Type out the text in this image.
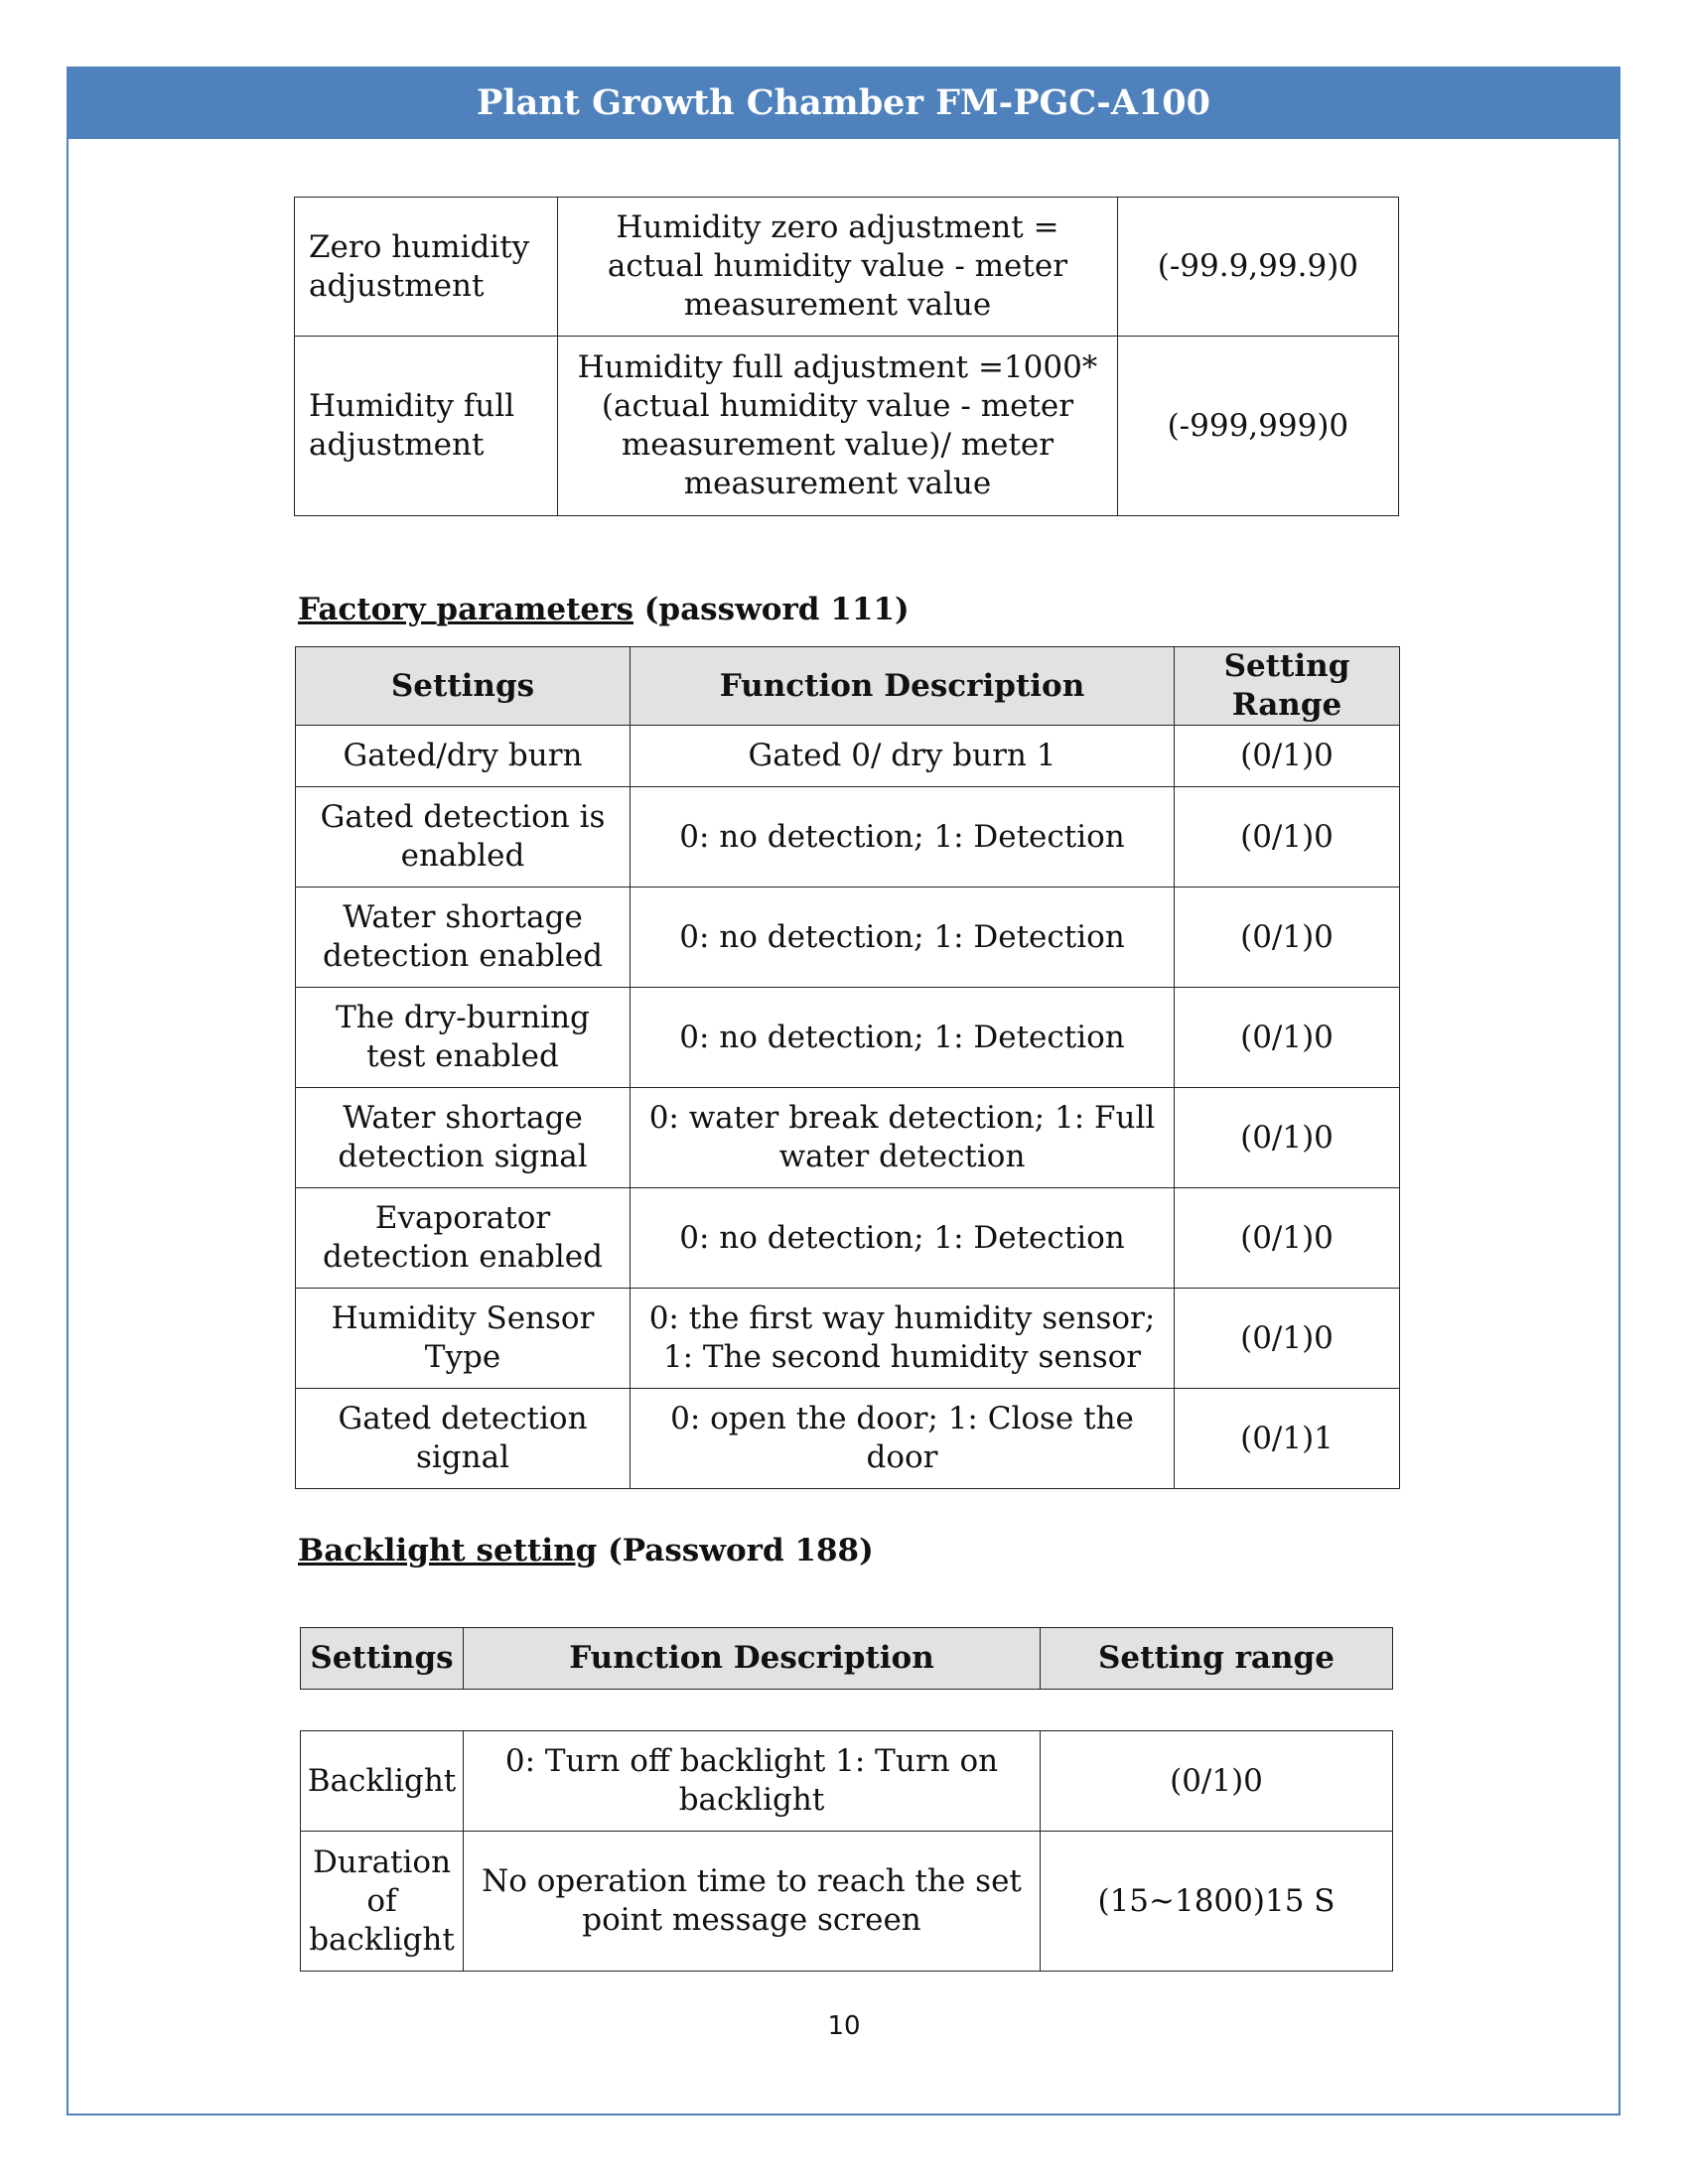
Plant Growth Chamber FM-PGC-A100
Zero humidity adjustment	Humidity zero adjustment = actual humidity value - meter measurement value	(-99.9,99.9)0
Humidity full adjustment	Humidity full adjustment =1000*(actual humidity value - meter measurement value)/ meter measurement value	(-999,999)0
Factory parameters (password 111)
Settings	Function Description	Setting Range
Gated/dry burn	Gated 0/ dry burn 1	(0/1)0
Gated detection is enabled	0: no detection; 1: Detection	(0/1)0
Water shortage detection enabled	0: no detection; 1: Detection	(0/1)0
The dry-burning test enabled	0: no detection; 1: Detection	(0/1)0
Water shortage detection signal	0: water break detection; 1: Full water detection	(0/1)0
Evaporator detection enabled	0: no detection; 1: Detection	(0/1)0
Humidity Sensor Type	0: the first way humidity sensor; 1: The second humidity sensor	(0/1)0
Gated detection signal	0: open the door; 1: Close the door	(0/1)1
Backlight setting (Password 188)
Settings	Function Description	Setting range
Backlight	0: Turn off backlight 1: Turn on backlight	(0/1)0
Duration of backlight	No operation time to reach the set point message screen	(15~1800)15 S
10
